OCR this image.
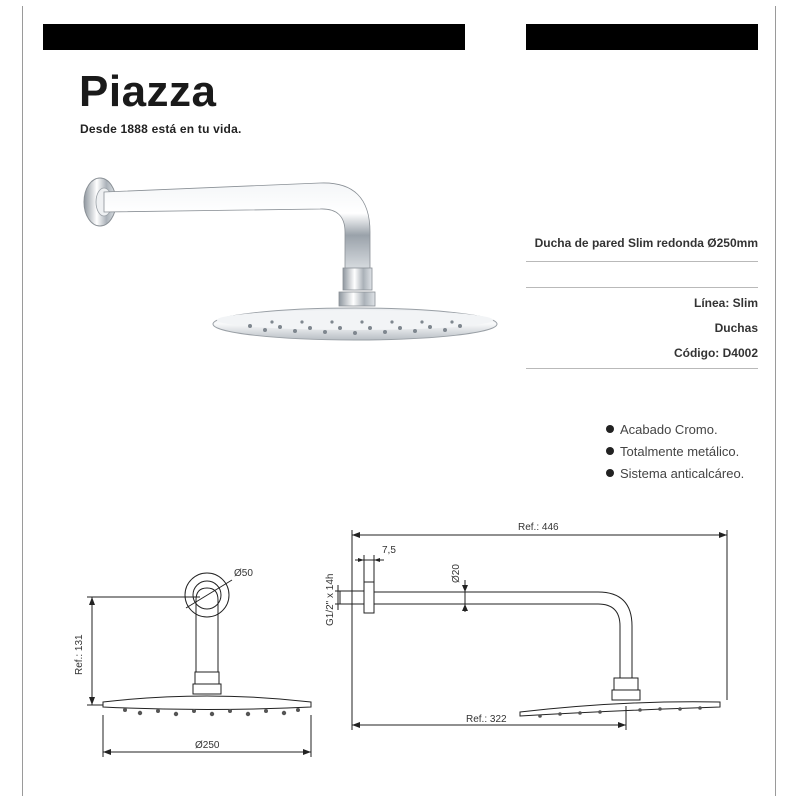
Piazza
Desde 1888 está en tu vida.
Ducha de pared Slim redonda Ø250mm
Línea: Slim
Duchas
Código: D4002
Acabado Cromo.
Totalmente metálico.
Sistema anticalcáreo.
Ø50
Ref.: 131
Ø250
Ref.: 446
7,5
Ø20
G1/2" x 14h
Ref.: 322
